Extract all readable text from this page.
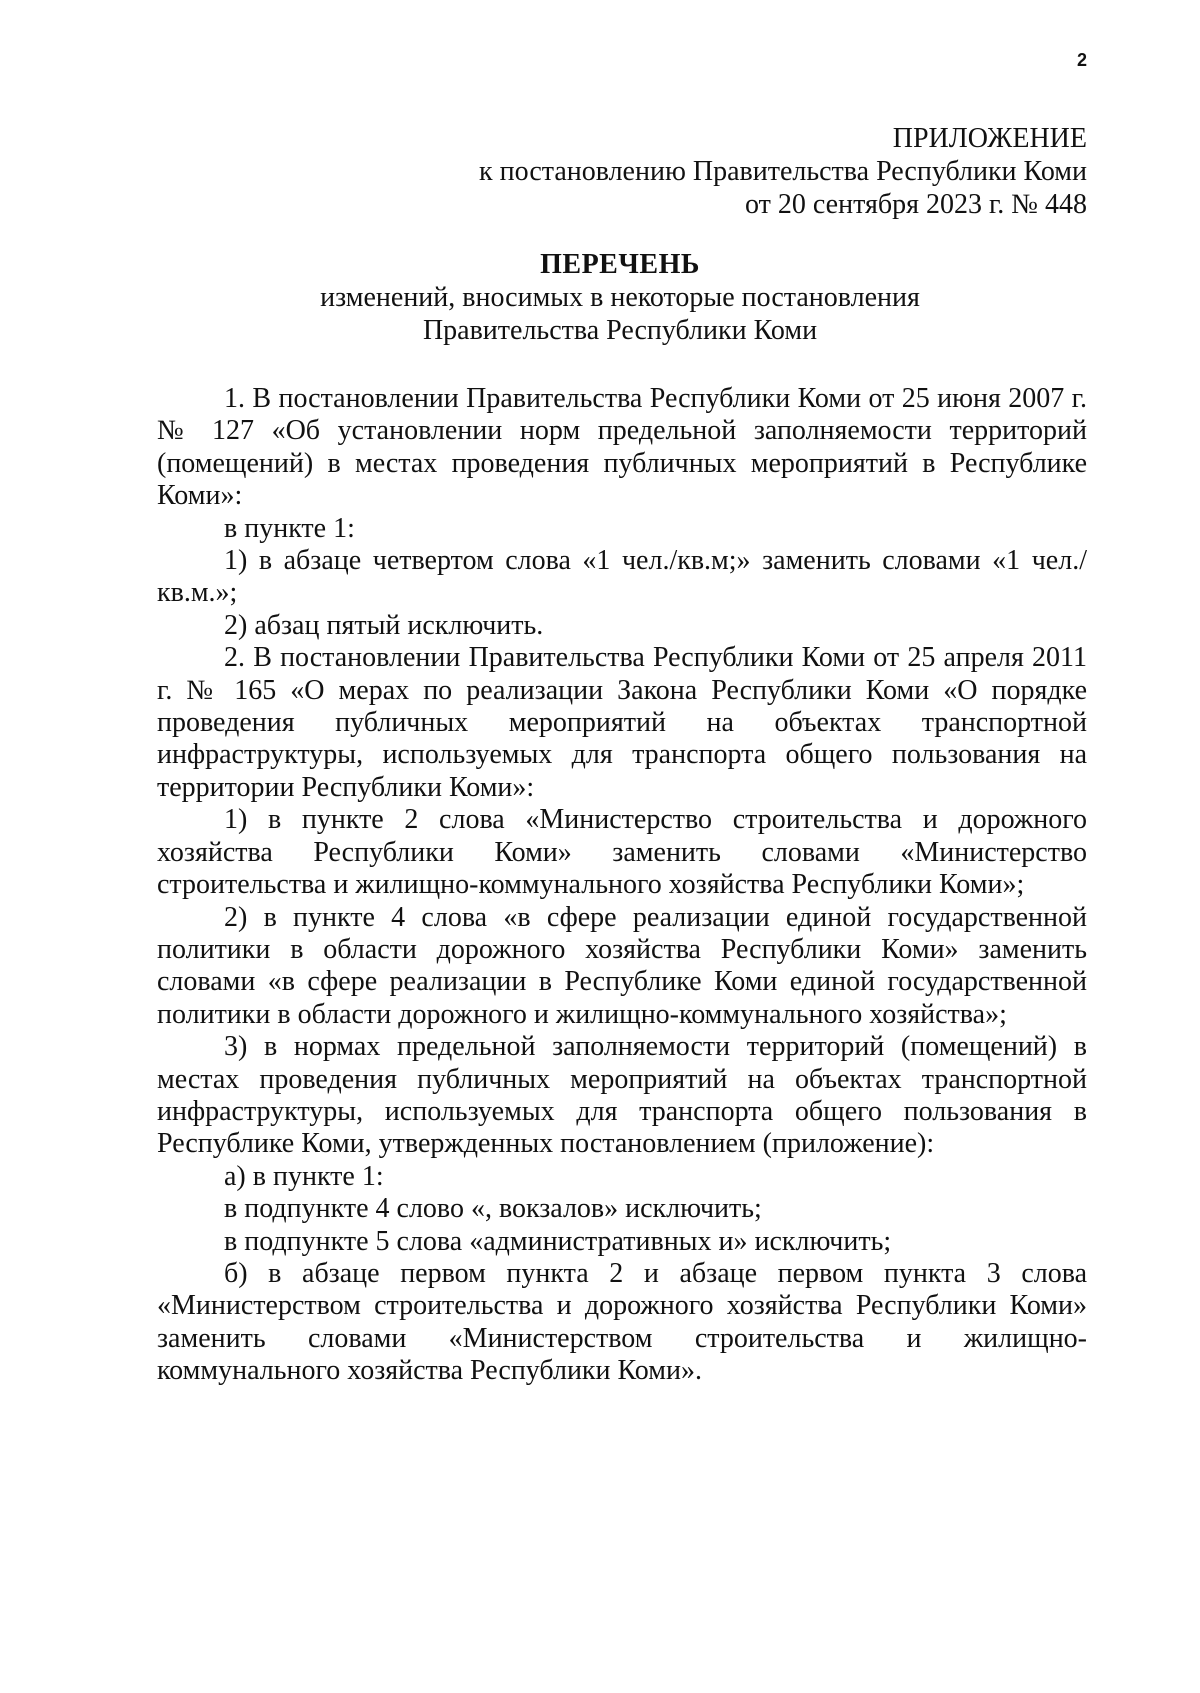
2
ПРИЛОЖЕНИЕ
к постановлению Правительства Республики Коми
от 20 сентября 2023 г. № 448
ПЕРЕЧЕНЬ
изменений, вносимых в некоторые постановления
Правительства Республики Коми

1. В постановлении Правительства Республики Коми от 25 июня 2007 г. № 127 «Об установлении норм предельной заполняемости территорий (помещений) в местах проведения публичных мероприятий в Республике Коми»:

в пункте 1:

1) в абзаце четвертом слова «1 чел./кв.м;» заменить словами «1 чел./кв.м.»;

2) абзац пятый исключить.

2. В постановлении Правительства Республики Коми от 25 апреля 2011 г. № 165 «О мерах по реализации Закона Республики Коми «О порядке проведения публичных мероприятий на объектах транспортной инфраструктуры, используемых для транспорта общего пользования на территории Республики Коми»:

1) в пункте 2 слова «Министерство строительства и дорожного хозяйства Республики Коми» заменить словами «Министерство строительства и жилищно-коммунального хозяйства Республики Коми»;

2) в пункте 4 слова «в сфере реализации единой государственной политики в области дорожного хозяйства Республики Коми» заменить словами «в сфере реализации в Республике Коми единой государственной политики в области дорожного и жилищно-коммунального хозяйства»;

3) в нормах предельной заполняемости территорий (помещений) в местах проведения публичных мероприятий на объектах транспортной инфраструктуры, используемых для транспорта общего пользования в Республике Коми, утвержденных постановлением (приложение):

а) в пункте 1:

в подпункте 4 слово «, вокзалов» исключить;

в подпункте 5 слова «административных и» исключить;

б) в абзаце первом пункта 2 и абзаце первом пункта 3 слова «Министерством строительства и дорожного хозяйства Республики Коми» заменить словами «Министерством строительства и жилищно-коммунального хозяйства Республики Коми».
